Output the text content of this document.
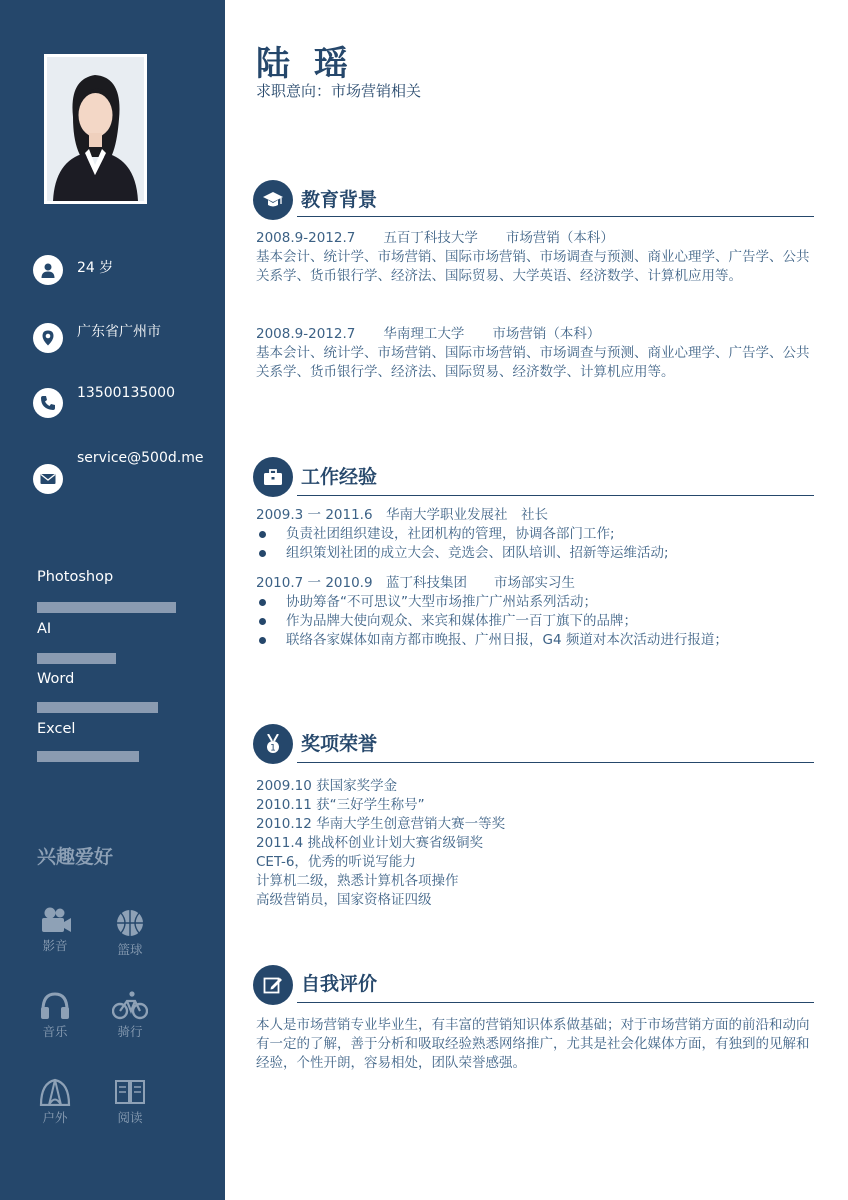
24 岁
广东省广州市
13500135000
service@500d.me
Photoshop
AI
Word
Excel
兴趣爱好
影音	篮球
音乐	骑行
户外	阅读
陆 瑶
求职意向：市场营销相关
教育背景

2008.9-2012.7 五百丁科技大学 市场营销（本科）

基本会计、统计学、市场营销、国际市场营销、市场调查与预测、商业心理学、广告学、公共关系学、货币银行学、经济法、国际贸易、大学英语、经济数学、计算机应用等。

2008.9-2012.7 华南理工大学 市场营销（本科）

基本会计、统计学、市场营销、国际市场营销、市场调查与预测、商业心理学、广告学、公共关系学、货币银行学、经济法、国际贸易、经济数学、计算机应用等。

工作经验

2009.3 一 2011.6　华南大学职业发展社　社长

负责社团组织建设，社团机构的管理，协调各部门工作;

组织策划社团的成立大会、竞选会、团队培训、招新等运维活动;

2010.7 一 2010.9　蓝丁科技集团　　市场部实习生

协助筹备“不可思议”大型市场推广广州站系列活动；

作为品牌大使向观众、来宾和媒体推广一百丁旗下的品牌；

联络各家媒体如南方都市晚报、广州日报，G4 频道对本次活动进行报道；

1 奖项荣誉

2009.10 获国家奖学金

2010.11 获“三好学生称号”

2010.12 华南大学生创意营销大赛一等奖

2011.4 挑战杯创业计划大赛省级铜奖

CET-6，优秀的听说写能力

计算机二级，熟悉计算机各项操作

高级营销员，国家资格证四级

自我评价

本人是市场营销专业毕业生，有丰富的营销知识体系做基础；对于市场营销方面的前沿和动向有一定的了解，善于分析和吸取经验熟悉网络推广，尤其是社会化媒体方面，有独到的见解和经验，个性开朗，容易相处，团队荣誉感强。
